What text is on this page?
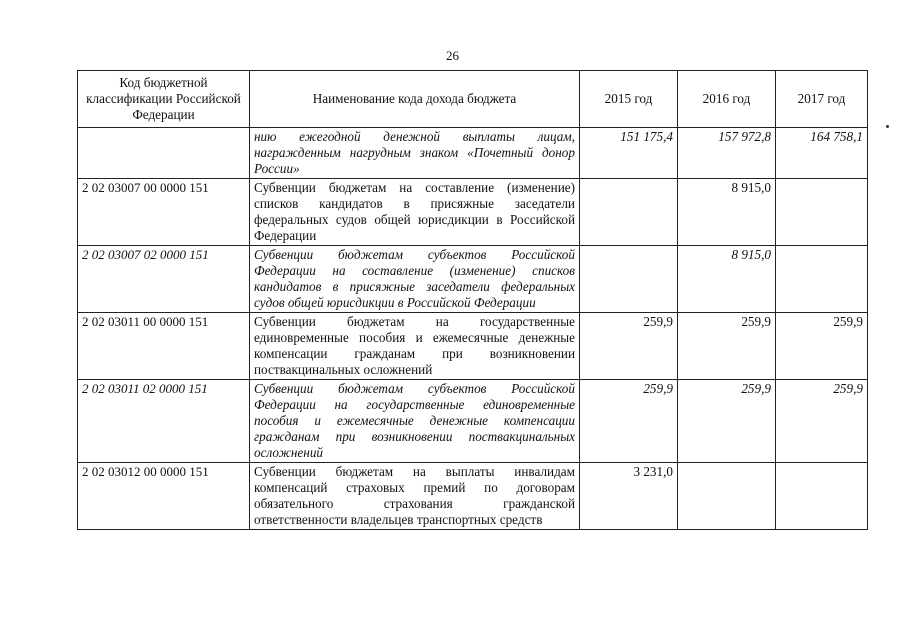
26
Код бюджетной классификации Российской Федерации	Наименование кода дохода бюджета	2015 год	2016 год	2017 год
	нию ежегодной денежной выплаты лицам, награжденным нагрудным знаком «Почетный донор России»	151 175,4	157 972,8	164 758,1
2 02 03007 00 0000 151	Субвенции бюджетам на составление (изменение) списков кандидатов в присяжные заседатели федеральных судов общей юрисдикции в Российской Федерации		8 915,0	
2 02 03007 02 0000 151	Субвенции бюджетам субъектов Российской Федерации на составление (изменение) списков кандидатов в присяжные заседатели федеральных судов общей юрисдикции в Российской Федерации		8 915,0	
2 02 03011 00 0000 151	Субвенции бюджетам на государственные единовременные пособия и ежемесячные денежные компенсации гражданам при возникновении поствакцинальных осложнений	259,9	259,9	259,9
2 02 03011 02 0000 151	Субвенции бюджетам субъектов Российской Федерации на государственные единовременные пособия и ежемесячные денежные компенсации гражданам при возникновении поствакцинальных осложнений	259,9	259,9	259,9
2 02 03012 00 0000 151	Субвенции бюджетам на выплаты инвалидам компенсаций страховых премий по договорам обязательного страхования гражданской ответственности владельцев транспортных средств	3 231,0		
